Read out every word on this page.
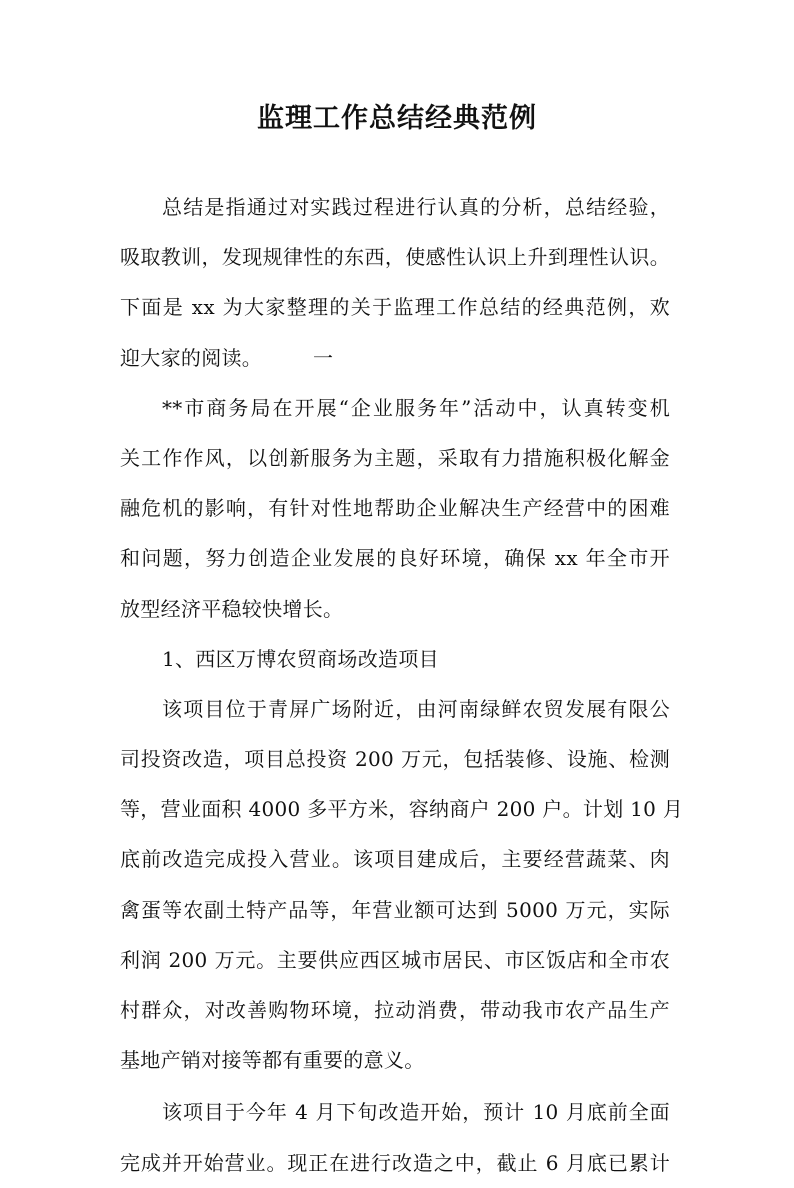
监理工作总结经典范例
总结是指通过对实践过程进行认真的分析，总结经验，
吸取教训，发现规律性的东西，使感性认识上升到理性认识。
下面是 xx 为大家整理的关于监理工作总结的经典范例，欢
迎大家的阅读。　　　一
**市商务局在开展“企业服务年”活动中，认真转变机
关工作作风，以创新服务为主题，采取有力措施积极化解金
融危机的影响，有针对性地帮助企业解决生产经营中的困难
和问题，努力创造企业发展的良好环境，确保 xx 年全市开
放型经济平稳较快增长。
1、西区万博农贸商场改造项目
该项目位于青屏广场附近，由河南绿鲜农贸发展有限公
司投资改造，项目总投资 200 万元，包括装修、设施、检测
等，营业面积 4000 多平方米，容纳商户 200 户。计划 10 月
底前改造完成投入营业。该项目建成后，主要经营蔬菜、肉
禽蛋等农副土特产品等，年营业额可达到 5000 万元，实际
利润 200 万元。主要供应西区城市居民、市区饭店和全市农
村群众，对改善购物环境，拉动消费，带动我市农产品生产
基地产销对接等都有重要的意义。
该项目于今年 4 月下旬改造开始，预计 10 月底前全面
完成并开始营业。现正在进行改造之中，截止 6 月底已累计
